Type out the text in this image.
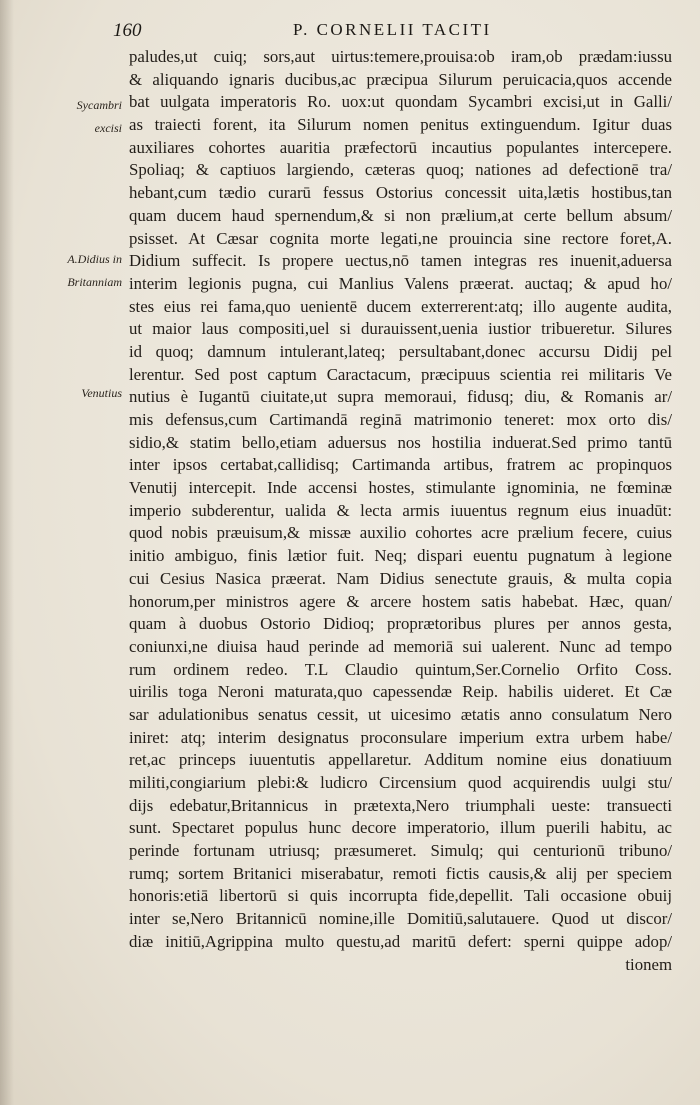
160	P. CORNELII TACITI
Sycambri
excisi
A.Didius in
Britanniam
Venutius
paludes,ut cuiq; sors,aut uirtus:temere,prouisa:ob iram,ob prædam:iussu
& aliquando ignaris ducibus,ac præcipua Silurum peruicacia,quos accende
bat uulgata imperatoris Ro. uox:ut quondam Sycambri excisi,ut in Galli/
as traiecti forent, ita Silurum nomen penitus extinguendum. Igitur duas
auxiliares cohortes auaritia præfectorū incautius populantes intercepere.
Spoliaq; & captiuos largiendo, cæteras quoq; nationes ad defectionē tra/
hebant,cum tædio curarū fessus Ostorius concessit uita,lætis hostibus,tan
quam ducem haud spernendum,& si non prælium,at certe bellum absum/
psisset. At Cæsar cognita morte legati,ne prouincia sine rectore foret,A.
Didium suffecit. Is propere uectus,nō tamen integras res inuenit,aduersa
interim legionis pugna, cui Manlius Valens præerat. auctaq; & apud ho/
stes eius rei fama,quo uenientē ducem exterrerent:atq; illo augente audita,
ut maior laus compositi,uel si durauissent,uenia iustior tribueretur. Silures
id quoq; damnum intulerant,lateq; persultabant,donec accursu Didij pel
lerentur. Sed post captum Caractacum, præcipuus scientia rei militaris Ve
nutius è Iugantū ciuitate,ut supra memoraui, fidusq; diu, & Romanis ar/
mis defensus,cum Cartimandā reginā matrimonio teneret: mox orto dis/
sidio,& statim bello,etiam aduersus nos hostilia induerat.Sed primo tantū
inter ipsos certabat,callidisq; Cartimanda artibus, fratrem ac propinquos
Venutij intercepit. Inde accensi hostes, stimulante ignominia, ne fœminæ
imperio subderentur, ualida & lecta armis iuuentus regnum eius inuadūt:
quod nobis præuisum,& missæ auxilio cohortes acre prælium fecere, cuius
initio ambiguo, finis lætior fuit. Neq; dispari euentu pugnatum à legione
cui Cesius Nasica præerat. Nam Didius senectute grauis, & multa copia
honorum,per ministros agere & arcere hostem satis habebat. Hæc, quan/
quam à duobus Ostorio Didioq; proprætoribus plures per annos gesta,
coniunxi,ne diuisa haud perinde ad memoriā sui ualerent. Nunc ad tempo
rum ordinem redeo. T.L Claudio quintum,Ser.Cornelio Orfito Coss.
uirilis toga Neroni maturata,quo capessendæ Reip. habilis uideret. Et Cæ
sar adulationibus senatus cessit, ut uicesimo ætatis anno consulatum Nero
iniret: atq; interim designatus proconsulare imperium extra urbem habe/
ret,ac princeps iuuentutis appellaretur. Additum nomine eius donatiuum
militi,congiarium plebi:& ludicro Circensium quod acquirendis uulgi stu/
dijs edebatur,Britannicus in prætexta,Nero triumphali ueste: transuecti
sunt. Spectaret populus hunc decore imperatorio, illum puerili habitu, ac
perinde fortunam utriusq; præsumeret. Simulq; qui centurionū tribuno/
rumq; sortem Britanici miserabatur, remoti fictis causis,& alij per speciem
honoris:etiā libertorū si quis incorrupta fide,depellit. Tali occasione obuij
inter se,Nero Britannicū nomine,ille Domitiū,salutauere. Quod ut discor/
diæ initiū,Agrippina multo questu,ad maritū defert: sperni quippe adop/
tionem
